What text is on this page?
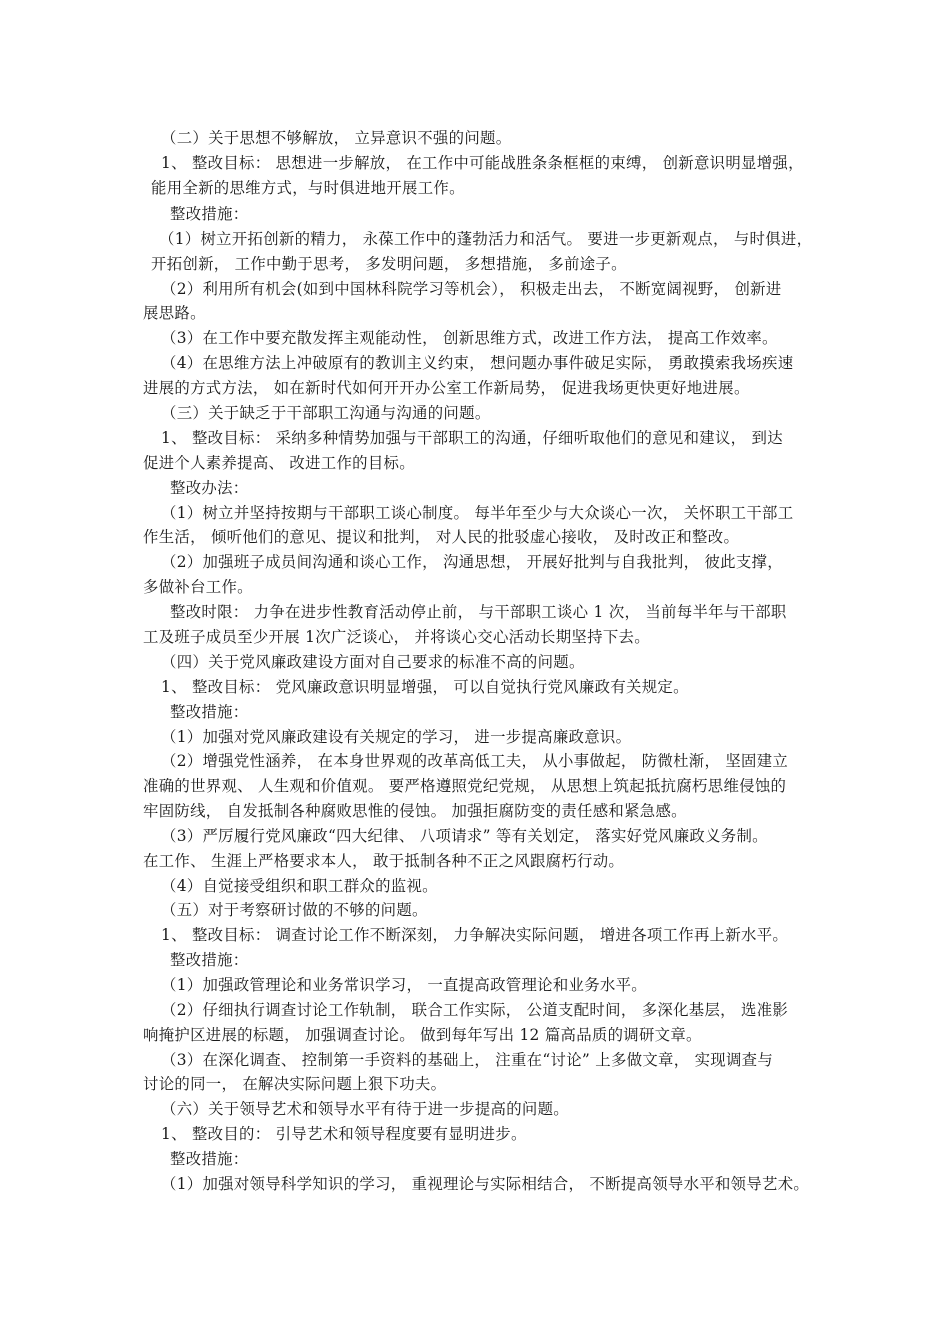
（二）关于思想不够解放， 立异意识不强的问题。
1、 整改目标： 思想进一步解放， 在工作中可能战胜条条框框的束缚， 创新意识明显增强，
能用全新的思维方式，与时俱进地开展工作。
整改措施：
（1）树立开拓创新的精力， 永葆工作中的蓬勃活力和活气。 要进一步更新观点， 与时俱进，
开拓创新， 工作中勤于思考， 多发明问题， 多想措施， 多前途子。
（2）利用所有机会(如到中国林科院学习等机会）， 积极走出去， 不断宽阔视野， 创新进
展思路。
（3）在工作中要充散发挥主观能动性， 创新思维方式，改进工作方法， 提高工作效率。
（4）在思维方法上冲破原有的教训主义约束， 想问题办事件破足实际， 勇敢摸索我场疾速
进展的方式方法， 如在新时代如何开开办公室工作新局势， 促进我场更快更好地进展。
（三）关于缺乏于干部职工沟通与沟通的问题。
1、 整改目标： 采纳多种情势加强与干部职工的沟通，仔细听取他们的意见和建议， 到达
促进个人素养提高、 改进工作的目标。
整改办法：
（1）树立并坚持按期与干部职工谈心制度。 每半年至少与大众谈心一次， 关怀职工干部工
作生活， 倾听他们的意见、提议和批判， 对人民的批驳虚心接收， 及时改正和整改。
（2）加强班子成员间沟通和谈心工作， 沟通思想， 开展好批判与自我批判， 彼此支撑，
多做补台工作。
整改时限： 力争在进步性教育活动停止前， 与干部职工谈心 1 次， 当前每半年与干部职
工及班子成员至少开展 1次广泛谈心， 并将谈心交心活动长期坚持下去。
（四）关于党风廉政建设方面对自己要求的标准不高的问题。
1、 整改目标： 党风廉政意识明显增强， 可以自觉执行党风廉政有关规定。
整改措施：
（1）加强对党风廉政建设有关规定的学习， 进一步提高廉政意识。
（2）增强党性涵养， 在本身世界观的改革高低工夫， 从小事做起， 防微杜渐， 坚固建立
准确的世界观、 人生观和价值观。 要严格遵照党纪党规， 从思想上筑起抵抗腐朽思维侵蚀的
牢固防线， 自发抵制各种腐败思惟的侵蚀。 加强拒腐防变的责任感和紧急感。
（3）严厉履行党风廉政“四大纪律、 八项请求” 等有关划定， 落实好党风廉政义务制。
在工作、 生涯上严格要求本人， 敢于抵制各种不正之风跟腐朽行动。
（4）自觉接受组织和职工群众的监视。
（五）对于考察研讨做的不够的问题。
1、 整改目标： 调查讨论工作不断深刻， 力争解决实际问题， 增进各项工作再上新水平。
整改措施：
（1）加强政管理论和业务常识学习， 一直提高政管理论和业务水平。
（2）仔细执行调查讨论工作轨制， 联合工作实际， 公道支配时间， 多深化基层， 选准影
响掩护区进展的标题， 加强调查讨论。 做到每年写出 12 篇高品质的调研文章。
（3）在深化调查、 控制第一手资料的基础上， 注重在“讨论” 上多做文章， 实现调查与
讨论的同一， 在解决实际问题上狠下功夫。
（六）关于领导艺术和领导水平有待于进一步提高的问题。
1、 整改目的： 引导艺术和领导程度要有显明进步。
整改措施：
（1）加强对领导科学知识的学习， 重视理论与实际相结合， 不断提高领导水平和领导艺术。
